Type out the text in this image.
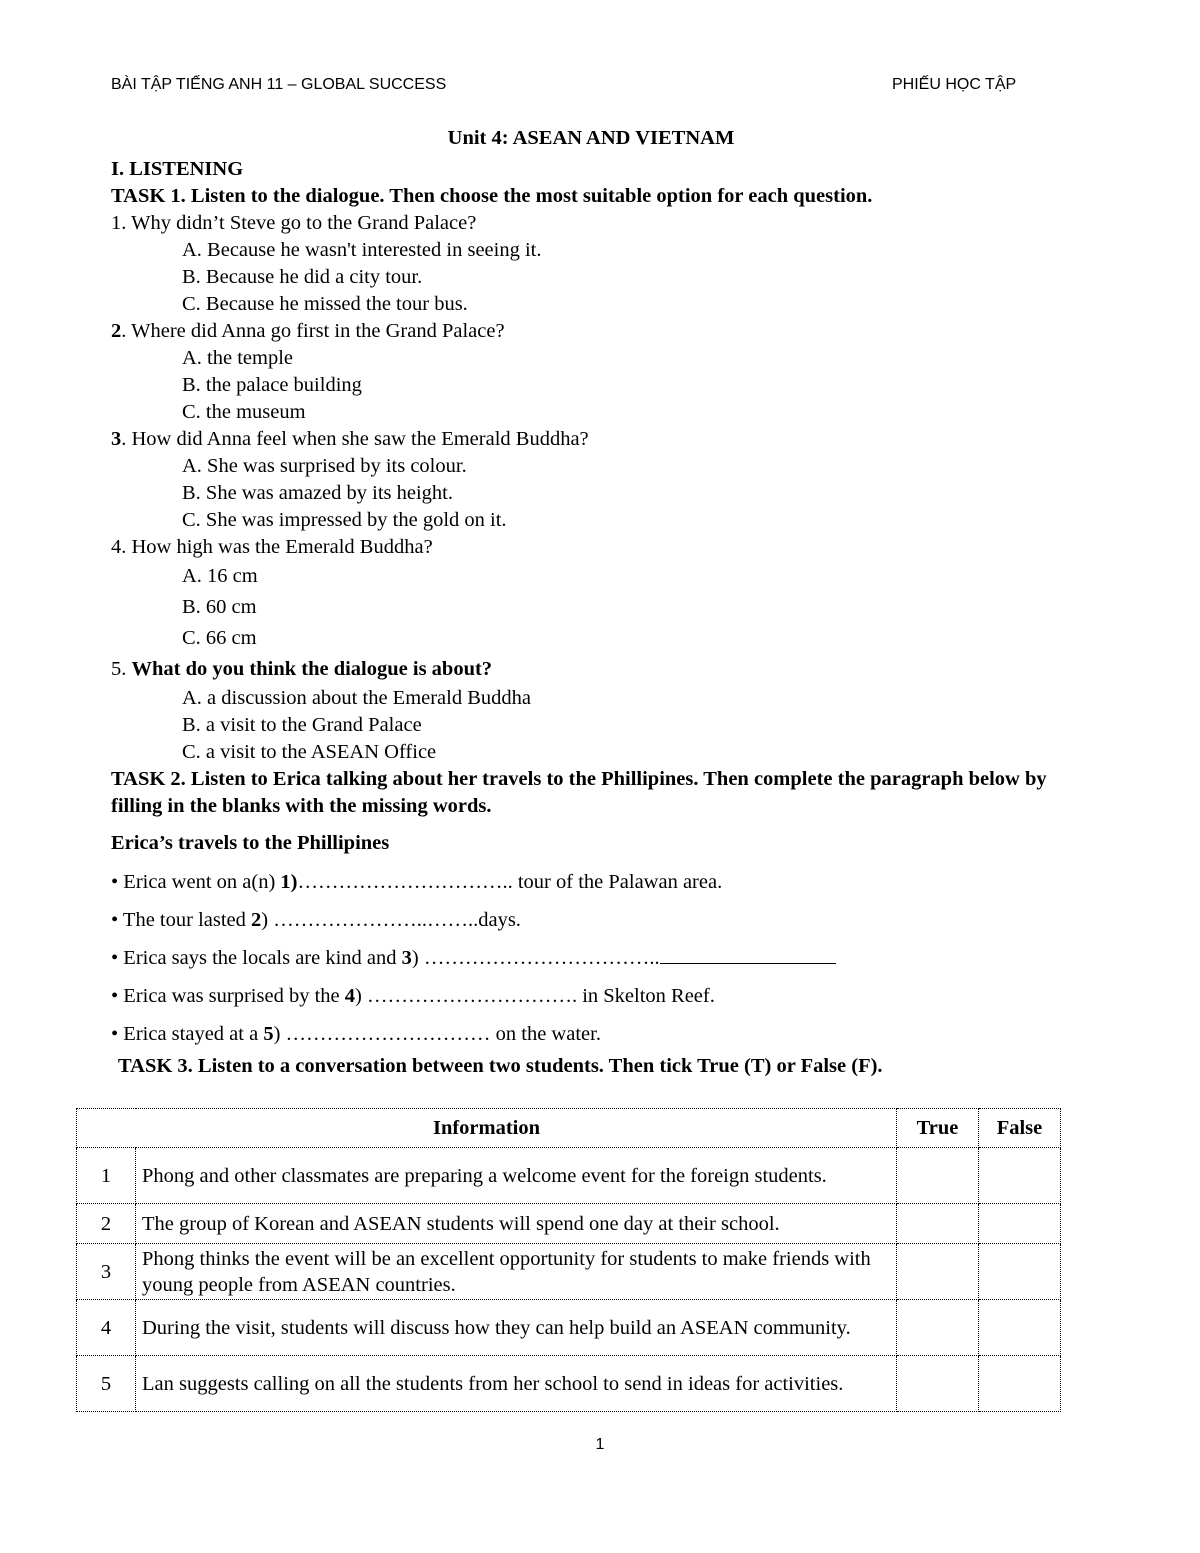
BÀI TẬP TIẾNG ANH 11 – GLOBAL SUCCESS	PHIẾU HỌC TẬP

Unit 4: ASEAN AND VIETNAM

I. LISTENING

TASK 1. Listen to the dialogue. Then choose the most suitable option for each question.

1. Why didn’t Steve go to the Grand Palace?

A. Because he wasn't interested in seeing it.

B. Because he did a city tour.

C. Because he missed the tour bus.

2. Where did Anna go first in the Grand Palace?

A. the temple

B. the palace building

C. the museum

3. How did Anna feel when she saw the Emerald Buddha?

A. She was surprised by its colour.

B. She was amazed by its height.

C. She was impressed by the gold on it.

4. How high was the Emerald Buddha?

A. 16 cm

B. 60 cm

C. 66 cm

5. What do you think the dialogue is about?

A. a discussion about the Emerald Buddha

B. a visit to the Grand Palace

C. a visit to the ASEAN Office

TASK 2. Listen to Erica talking about her travels to the Phillipines. Then complete the paragraph below by filling in the blanks with the missing words.

Erica’s travels to the Phillipines

• Erica went on a(n) 1)………………………….. tour of the Palawan area.

• The tour lasted 2) …………………..……..days.

• Erica says the locals are kind and 3) ……………………………..

• Erica was surprised by the 4) …………………………. in Skelton Reef.

• Erica stayed at a 5) ………………………… on the water.

TASK 3. Listen to a conversation between two students. Then tick True (T) or False (F).

Information		True	False
1	Phong and other classmates are preparing a welcome event for the foreign students.		
2	The group of Korean and ASEAN students will spend one day at their school.		
3	Phong thinks the event will be an excellent opportunity for students to make friends with young people from ASEAN countries.		
4	During the visit, students will discuss how they can help build an ASEAN community.		
5	Lan suggests calling on all the students from her school to send in ideas for activities.		
1
